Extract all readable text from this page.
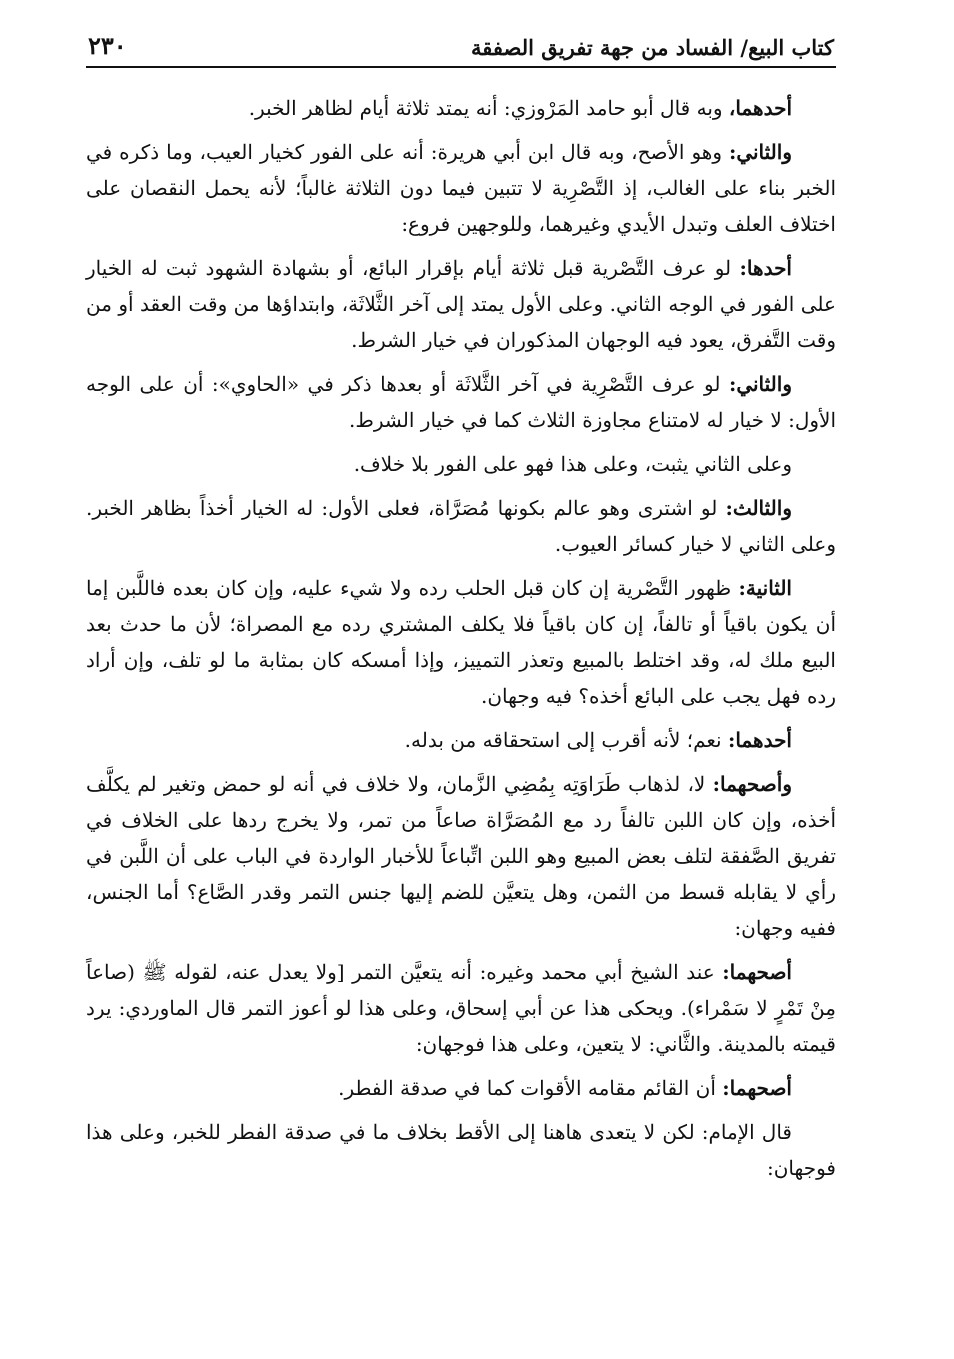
كتاب البيع/ الفساد من جهة تفريق الصفقة
٢٣٠

أحدهما، وبه قال أبو حامد المَرْوزي: أنه يمتد ثلاثة أيام لظاهر الخبر.

والثاني: وهو الأصح، وبه قال ابن أبي هريرة: أنه على الفور كخيار العيب، وما ذكره في الخبر بناء على الغالب، إذ التَّصْرِية لا تتبين فيما دون الثلاثة غالباً؛ لأنه يحمل النقصان على اختلاف العلف وتبدل الأيدي وغيرهما، وللوجهين فروع:

أحدها: لو عرف التَّصْرية قبل ثلاثة أيام بإقرار البائع، أو بشهادة الشهود ثبت له الخيار على الفور في الوجه الثاني. وعلى الأول يمتد إلى آخر الثَّلاثَة، وابتداؤها من وقت العقد أو من وقت التَّفرق، يعود فيه الوجهان المذكوران في خيار الشرط.

والثاني: لو عرف التَّصْرِية في آخر الثَّلاثَة أو بعدها ذكر في «الحاوي»: أن على الوجه الأول: لا خيار له لامتناع مجاوزة الثلاث كما في خيار الشرط.

وعلى الثاني يثبت، وعلى هذا فهو على الفور بلا خلاف.

والثالث: لو اشترى وهو عالم بكونها مُصَرَّاة، فعلى الأول: له الخيار أخذاً بظاهر الخبر. وعلى الثاني لا خيار كسائر العيوب.

الثانية: ظهور التَّصْرية إن كان قبل الحلب رده ولا شيء عليه، وإن كان بعده فاللَّبن إما أن يكون باقياً أو تالفاً، إن كان باقياً فلا يكلف المشتري رده مع المصراة؛ لأن ما حدث بعد البيع ملك له، وقد اختلط بالمبيع وتعذر التمييز، وإذا أمسكه كان بمثابة ما لو تلف، وإن أراد رده فهل يجب على البائع أخذه؟ فيه وجهان.

أحدهما: نعم؛ لأنه أقرب إلى استحقاقه من بدله.

وأصحهما: لا، لذهاب طَرَاوَتِه بِمُضِي الزَّمان، ولا خلاف في أنه لو حمض وتغير لم يكلَّف أخذه، وإن كان اللبن تالفاً رد مع المُصَرَّاة صاعاً من تمر، ولا يخرج ردها على الخلاف في تفريق الصَّفقة لتلف بعض المبيع وهو اللبن اتِّباعاً للأخبار الواردة في الباب على أن اللَّبن في رأي لا يقابله قسط من الثمن، وهل يتعيَّن للضم إليها جنس التمر وقدر الصَّاع؟ أما الجنس، ففيه وجهان:

أصحهما: عند الشيخ أبي محمد وغيره: أنه يتعيَّن التمر [ولا يعدل عنه، لقوله ﷺ (صاعاً مِنْ تَمْرٍ لا سَمْراء). ويحكى هذا عن أبي إسحاق، وعلى هذا لو أعوز التمر قال الماوردي: يرد قيمته بالمدينة. والثَّاني: لا يتعين، وعلى هذا فوجهان:

أصحهما: أن القائم مقامه الأقوات كما في صدقة الفطر.

قال الإمام: لكن لا يتعدى هاهنا إلى الأقط بخلاف ما في صدقة الفطر للخبر، وعلى هذا فوجهان:
